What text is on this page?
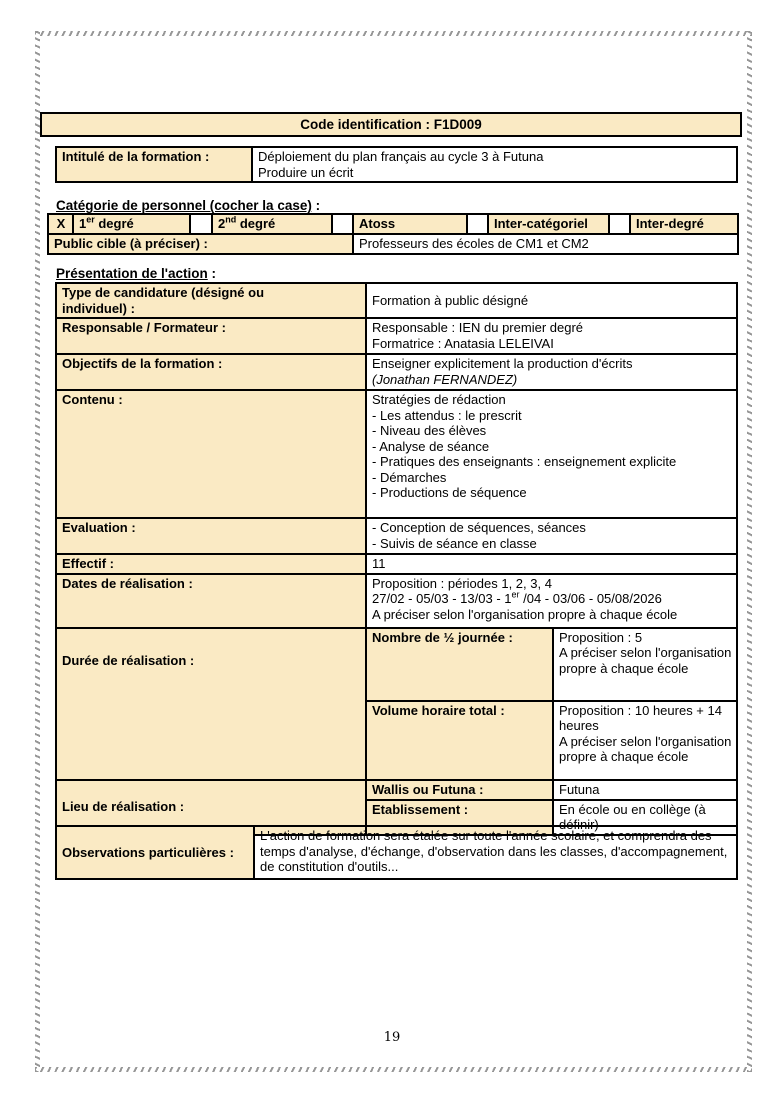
Code identification : F1D009
Intitulé de la formation :	Déploiement du plan français au cycle 3 à Futuna
Produire un écrit
Catégorie de personnel (cocher la case) :
X	1er degré		2nd degré		Atoss		Inter-catégoriel		Inter-degré
Public cible (à préciser) :					Professeurs des écoles de CM1 et CM2				
Présentation de l'action :
Type de candidature (désigné ou
individuel) :	Formation à public désigné	
Responsable / Formateur :	Responsable : IEN du premier degré
Formatrice : Anatasia LELEIVAI	

Objectifs de la formation :	Enseigner explicitement la production d'écrits
(Jonathan FERNANDEZ)	

Contenu :	Stratégies de rédaction
- Les attendus : le prescrit
- Niveau des élèves
- Analyse de séance
- Pratiques des enseignants : enseignement explicite
- Démarches
- Productions de séquence

Evaluation :	- Conception de séquences, séances
- Suivis de séance en classe	

Effectif :	11	
Dates de réalisation :	Proposition : périodes 1, 2, 3, 4
27/02 - 05/03 - 13/03 - 1er /04 - 03/06 - 05/08/2026
A préciser selon l'organisation propre à chaque école	

Durée de réalisation :	Nombre de ½ journée :	Proposition : 5
A préciser selon l'organisation propre à chaque école

	Volume horaire total :	Proposition : 10 heures + 14 heures
A préciser selon l'organisation propre à chaque école

Lieu de réalisation :	Wallis ou Futuna :	Futuna
	Etablissement :	En école ou en collège (à définir)
Observations particulières :	L'action de formation sera étalée sur toute l'année scolaire, et comprendra des temps d'analyse, d'échange, d'observation dans les classes, d'accompagnement, de constitution d'outils...
19
